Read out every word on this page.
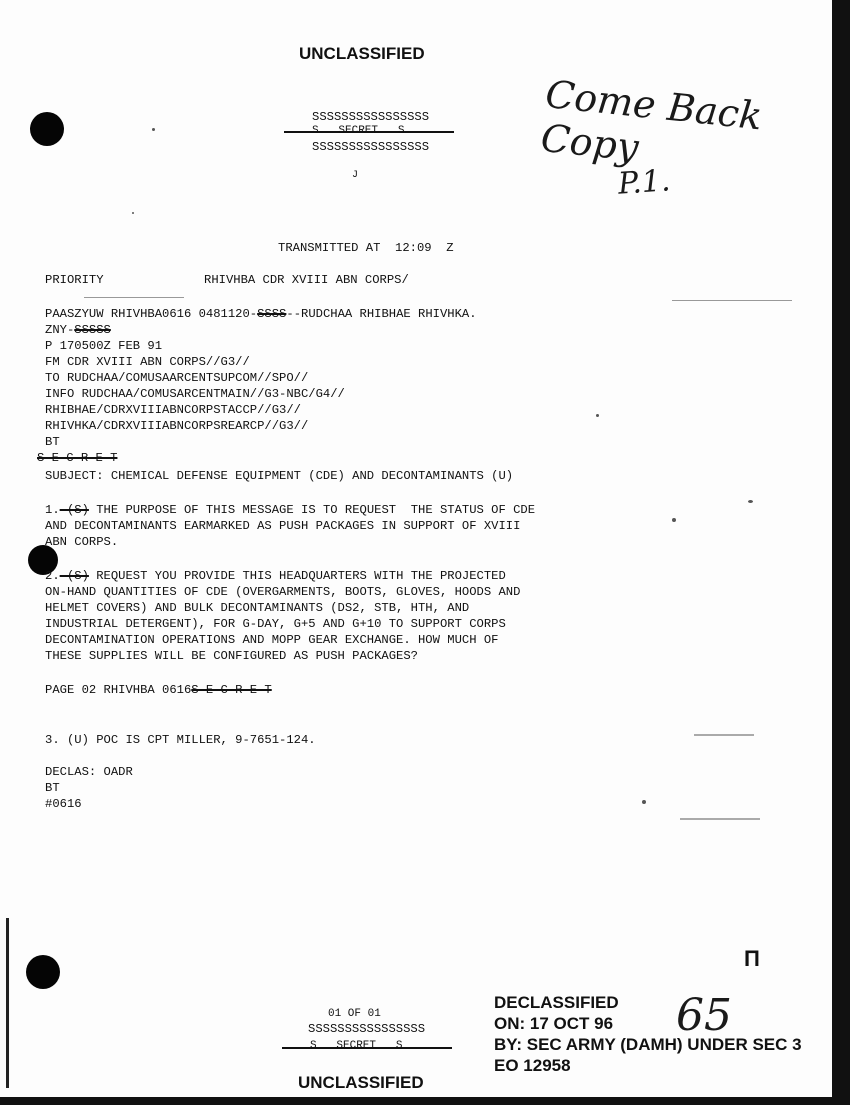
UNCLASSIFIED
Come Back Copy
P.1.
65
SSSSSSSSSSSSSSSS
S   SECRET   S
SSSSSSSSSSSSSSSS
J
TRANSMITTED AT 12:09  Z
PRIORITY	RHIVHBA CDR XVIII ABN CORPS/
PAASZYUW RHIVHBA0616 0481120-SSSS--RUDCHAA RHIBHAE RHIVHKA.
ZNY-SSSSS
P 170500Z FEB 91
FM CDR XVIII ABN CORPS//G3//
TO RUDCHAA/COMUSAARCENTSUPCOM//SPO//
INFO RUDCHAA/COMUSARCENTMAIN//G3-NBC/G4//
RHIBHAE/CDRXVIIIABNCORPSTACCP//G3//
RHIVHKA/CDRXVIIIABNCORPSREARCP//G3//
BT
S E C R E T
SUBJECT: CHEMICAL DEFENSE EQUIPMENT (CDE) AND DECONTAMINANTS (U)
1.-(S) THE PURPOSE OF THIS MESSAGE IS TO REQUEST  THE STATUS OF CDE
AND DECONTAMINANTS EARMARKED AS PUSH PACKAGES IN SUPPORT OF XVIII
ABN CORPS.
2.-(S) REQUEST YOU PROVIDE THIS HEADQUARTERS WITH THE PROJECTED
ON-HAND QUANTITIES OF CDE (OVERGARMENTS, BOOTS, GLOVES, HOODS AND
HELMET COVERS) AND BULK DECONTAMINANTS (DS2, STB, HTH, AND
INDUSTRIAL DETERGENT), FOR G-DAY, G+5 AND G+10 TO SUPPORT CORPS
DECONTAMINATION OPERATIONS AND MOPP GEAR EXCHANGE. HOW MUCH OF
THESE SUPPLIES WILL BE CONFIGURED AS PUSH PACKAGES?
PAGE 02 RHIVHBA 0616S E C R E T
3. (U) POC IS CPT MILLER, 9-7651-124.
DECLAS: OADR
BT
#0616
Π
01 OF 01
SSSSSSSSSSSSSSSS
S   SECRET   S
UNCLASSIFIED
DECLASSIFIED
ON: 17 OCT 96
BY: SEC ARMY (DAMH) UNDER SEC 3
EO 12958
